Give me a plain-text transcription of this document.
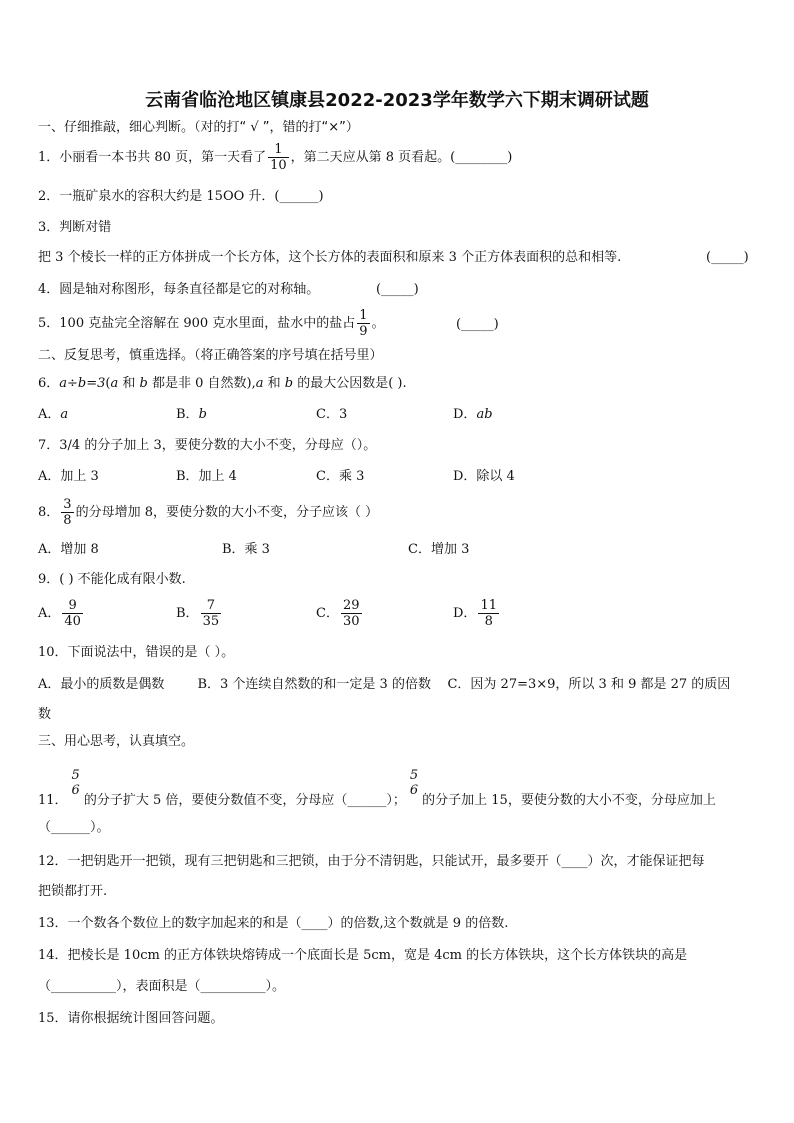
云南省临沧地区镇康县2022-2023学年数学六下期末调研试题
一、仔细推敲，细心判断。（对的打“ √ ”，错的打“×”）
1．小丽看一本书共 80 页，第一天看了 $\frac{1}{10}$ ，第二天应从第 8 页看起。(________)
2．一瓶矿泉水的容积大约是 15OO 升．(______)
3．判断对错
把 3 个棱长一样的正方体拼成一个长方体，这个长方体的表面积和原来 3 个正方体表面积的总和相等.	(_____)
4．圆是轴对称图形，每条直径都是它的对称轴。	(_____)
5．100 克盐完全溶解在 900 克水里面，盐水中的盐占 $\frac{1}{9}$ 。	(_____)
二、反复思考，慎重选择。（将正确答案的序号填在括号里）
6．a÷b=3(a 和 b 都是非 0 自然数),a 和 b 的最大公因数是( ).
A．a	B．b	C．3	D．ab
7．3/4 的分子加上 3，要使分数的大小不变，分母应（）。
A．加上 3	B．加上 4	C．乘 3	D．除以 4
8． $\frac{3}{8}$ 的分母增加 8，要使分数的大小不变，分子应该（ ）
A．增加 8	B．乘 3	C．增加 3
9．( ) 不能化成有限小数.
A． $\frac{9}{40}$	B． $\frac{7}{35}$	C． $\frac{29}{30}$	D． $\frac{11}{8}$
10．下面说法中，错误的是（ ）。
A．最小的质数是偶数        B．3 个连续自然数的和一定是 3 的倍数    C．因为 27=3×9，所以 3 和 9 都是 27 的质因
数
三、用心思考，认真填空。
11．
5
6
的分子扩大 5 倍，要使分数值不变，分母应（______）；
5
6
的分子加上 15，要使分数的大小不变，分母应加上
（______）。
12．一把钥匙开一把锁，现有三把钥匙和三把锁，由于分不清钥匙，只能试开，最多要开（____）次，才能保证把每
把锁都打开.
13．一个数各个数位上的数字加起来的和是（____）的倍数,这个数就是 9 的倍数.
14．把棱长是 10cm 的正方体铁块熔铸成一个底面长是 5cm，宽是 4cm 的长方体铁块，这个长方体铁块的高是
（__________），表面积是（__________）。
15．请你根据统计图回答问题。
